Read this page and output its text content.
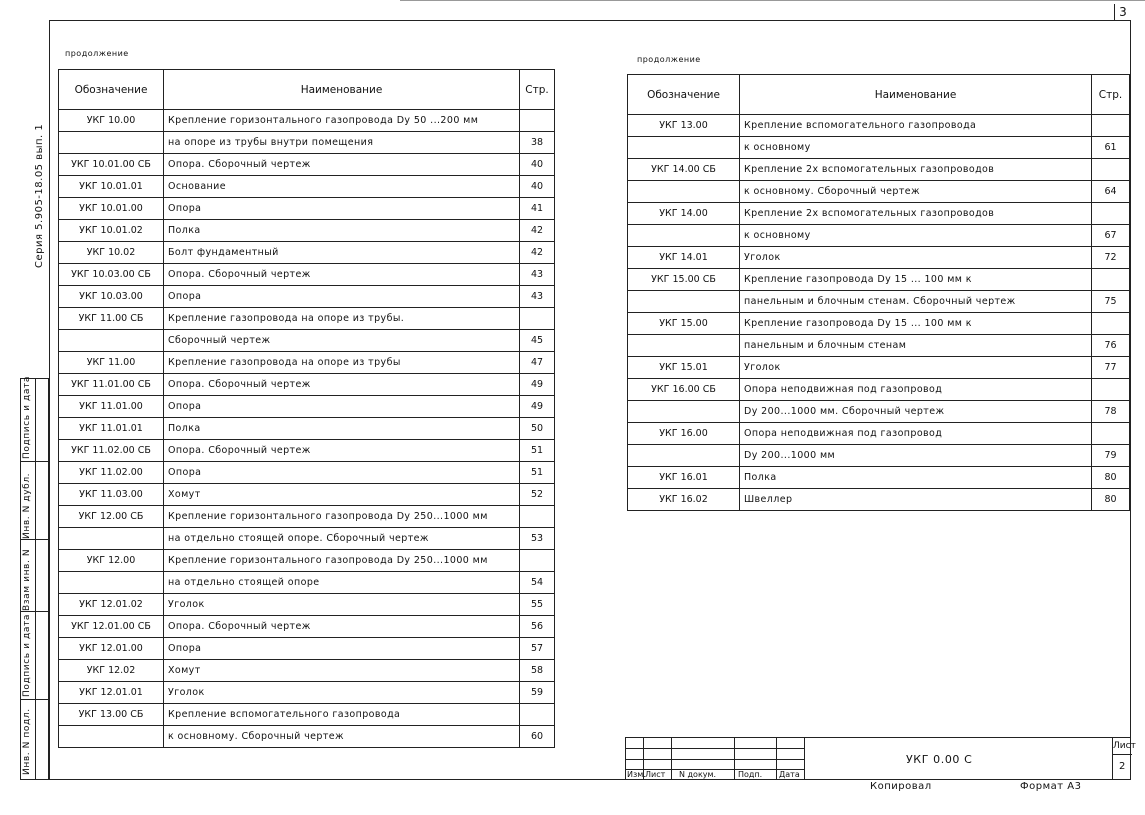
3
Серия 5.905-18.05 вып. 1
Подпись и дата
Инв. N дубл.
Взам инв. N
Подпись и дата
Инв. N подл.
продолжение
Обозначение	Наименование	Стр.
УКГ 10.00	Крепление горизонтального газопровода Dy 50 ...200 мм	
	на опоре из трубы внутри помещения	38
УКГ 10.01.00 СБ	Опора. Сборочный чертеж	40
УКГ 10.01.01	Основание	40
УКГ 10.01.00	Опора	41
УКГ 10.01.02	Полка	42
УКГ 10.02	Болт фундаментный	42
УКГ 10.03.00 СБ	Опора. Сборочный чертеж	43
УКГ 10.03.00	Опора	43
УКГ 11.00 СБ	Крепление газопровода на опоре из трубы.	
	Сборочный чертеж	45
УКГ 11.00	Крепление газопровода на опоре из трубы	47
УКГ 11.01.00 СБ	Опора. Сборочный чертеж	49
УКГ 11.01.00	Опора	49
УКГ 11.01.01	Полка	50
УКГ 11.02.00 СБ	Опора. Сборочный чертеж	51
УКГ 11.02.00	Опора	51
УКГ 11.03.00	Хомут	52
УКГ 12.00 СБ	Крепление горизонтального газопровода Dy 250...1000 мм	
	на отдельно стоящей опоре. Сборочный чертеж	53
УКГ 12.00	Крепление горизонтального газопровода Dy 250...1000 мм	
	на отдельно стоящей опоре	54
УКГ 12.01.02	Уголок	55
УКГ 12.01.00 СБ	Опора. Сборочный чертеж	56
УКГ 12.01.00	Опора	57
УКГ 12.02	Хомут	58
УКГ 12.01.01	Уголок	59
УКГ 13.00 СБ	Крепление вспомогательного газопровода	
	к основному. Сборочный чертеж	60
продолжение
Обозначение	Наименование	Стр.
УКГ 13.00	Крепление вспомогательного газопровода	
	к основному	61
УКГ 14.00 СБ	Крепление 2х вспомогательных газопроводов	
	к основному. Сборочный чертеж	64
УКГ 14.00	Крепление 2х вспомогательных газопроводов	
	к основному	67
УКГ 14.01	Уголок	72
УКГ 15.00 СБ	Крепление газопровода Dy 15 ... 100 мм к	
	панельным и блочным стенам. Сборочный чертеж	75
УКГ 15.00	Крепление газопровода Dy 15 ... 100 мм к	
	панельным и блочным стенам	76
УКГ 15.01	Уголок	77
УКГ 16.00 СБ	Опора неподвижная под газопровод	
	Dy 200...1000 мм. Сборочный чертеж	78
УКГ 16.00	Опора неподвижная под газопровод	
	Dy 200...1000 мм	79
УКГ 16.01	Полка	80
УКГ 16.02	Швеллер	80
Изм. Лист N докум.	Подп. Дата
УКГ 0.00 С
Лист
2
Копировал	Формат А3
